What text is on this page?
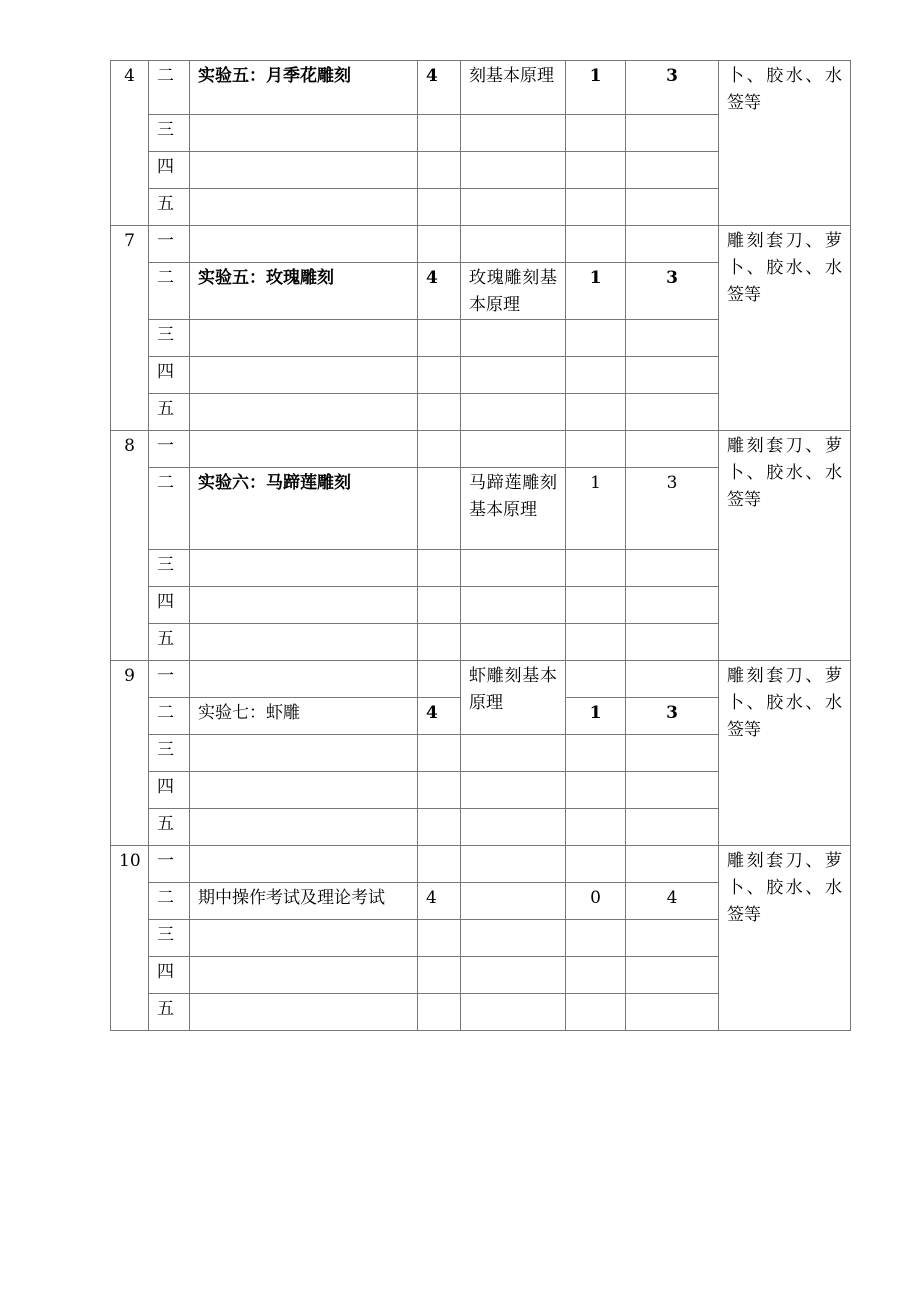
4	二	实验五：月季花雕刻	4	刻基本原理	1	3	卜、胶水、水签等
	三						
	四						
	五						
7	一						雕刻套刀、萝卜、胶水、水签等
	二	实验五：玫瑰雕刻	4	玫瑰雕刻基本原理	1	3	
	三						
	四						
	五						
8	一						雕刻套刀、萝卜、胶水、水签等
	二	实验六：马蹄莲雕刻		马蹄莲雕刻基本原理	1	3	
	三						
	四						
	五						
9	一			虾雕刻基本原理			雕刻套刀、萝卜、胶水、水签等
	二	实验七：虾雕	4		1	3	
	三						
	四						
	五						
10	一						雕刻套刀、萝卜、胶水、水签等
	二	期中操作考试及理论考试	4		0	4	
	三						
	四						
	五						
